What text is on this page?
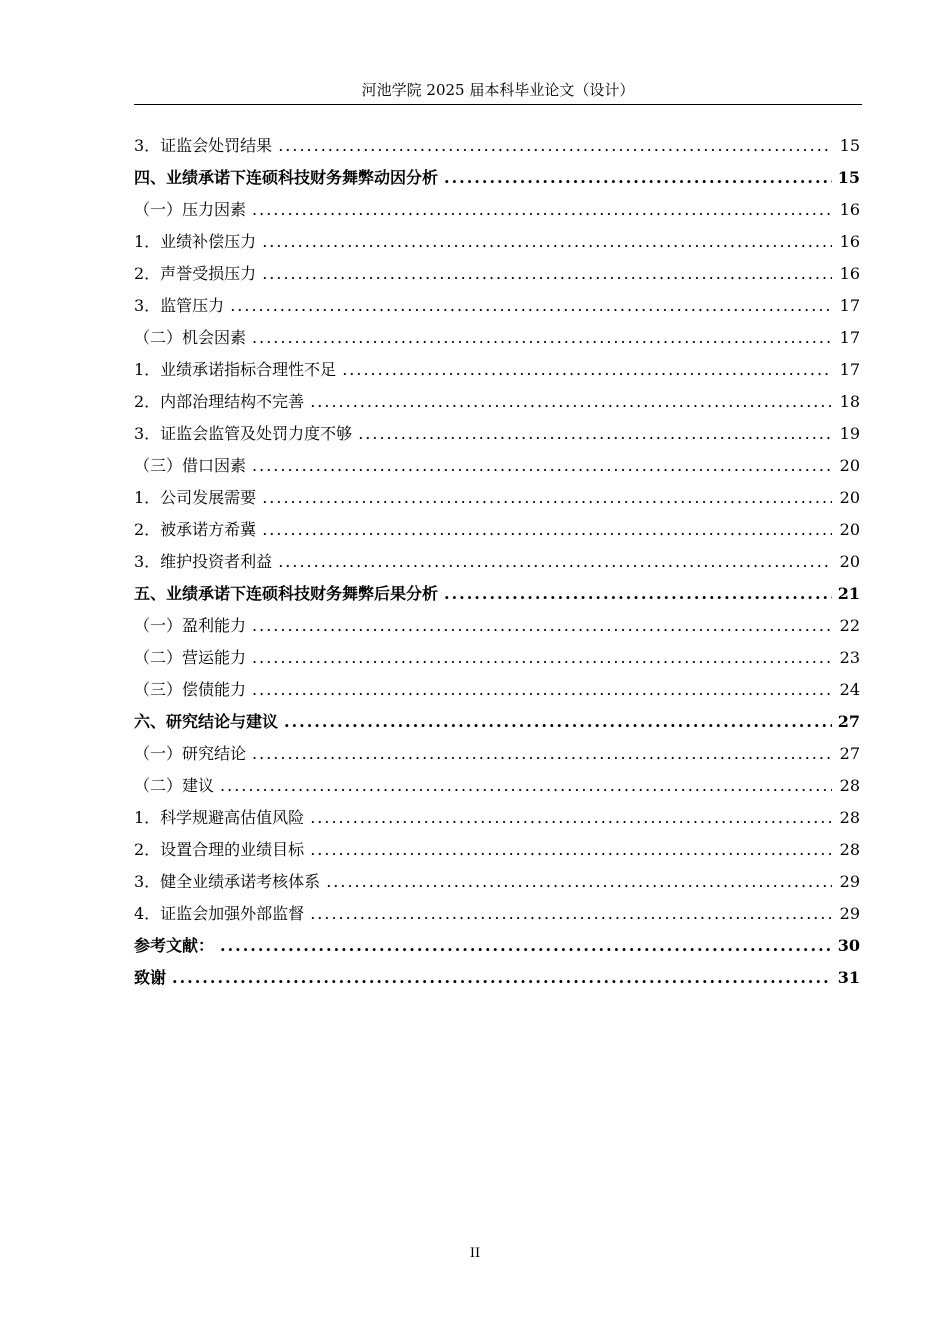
河池学院 2025 届本科毕业论文（设计）
3．证监会处罚结果 .....	15
四、业绩承诺下连硕科技财务舞弊动因分析 .....	15
（一）压力因素 .....	16
1．业绩补偿压力 .....	16
2．声誉受损压力 .....	16
3．监管压力 .....	17
（二）机会因素 .....	17
1．业绩承诺指标合理性不足 .....	17
2．内部治理结构不完善 .....	18
3．证监会监管及处罚力度不够 .....	19
（三）借口因素 .....	20
1．公司发展需要 .....	20
2．被承诺方希冀 .....	20
3．维护投资者利益 .....	20
五、业绩承诺下连硕科技财务舞弊后果分析 .....	21
（一）盈利能力 .....	22
（二）营运能力 .....	23
（三）偿债能力 .....	24
六、研究结论与建议 .....	27
（一）研究结论 .....	27
（二）建议 .....	28
1．科学规避高估值风险 .....	28
2．设置合理的业绩目标 .....	28
3．健全业绩承诺考核体系 .....	29
4．证监会加强外部监督 .....	29
参考文献： .....	30
致谢 .....	31
II
